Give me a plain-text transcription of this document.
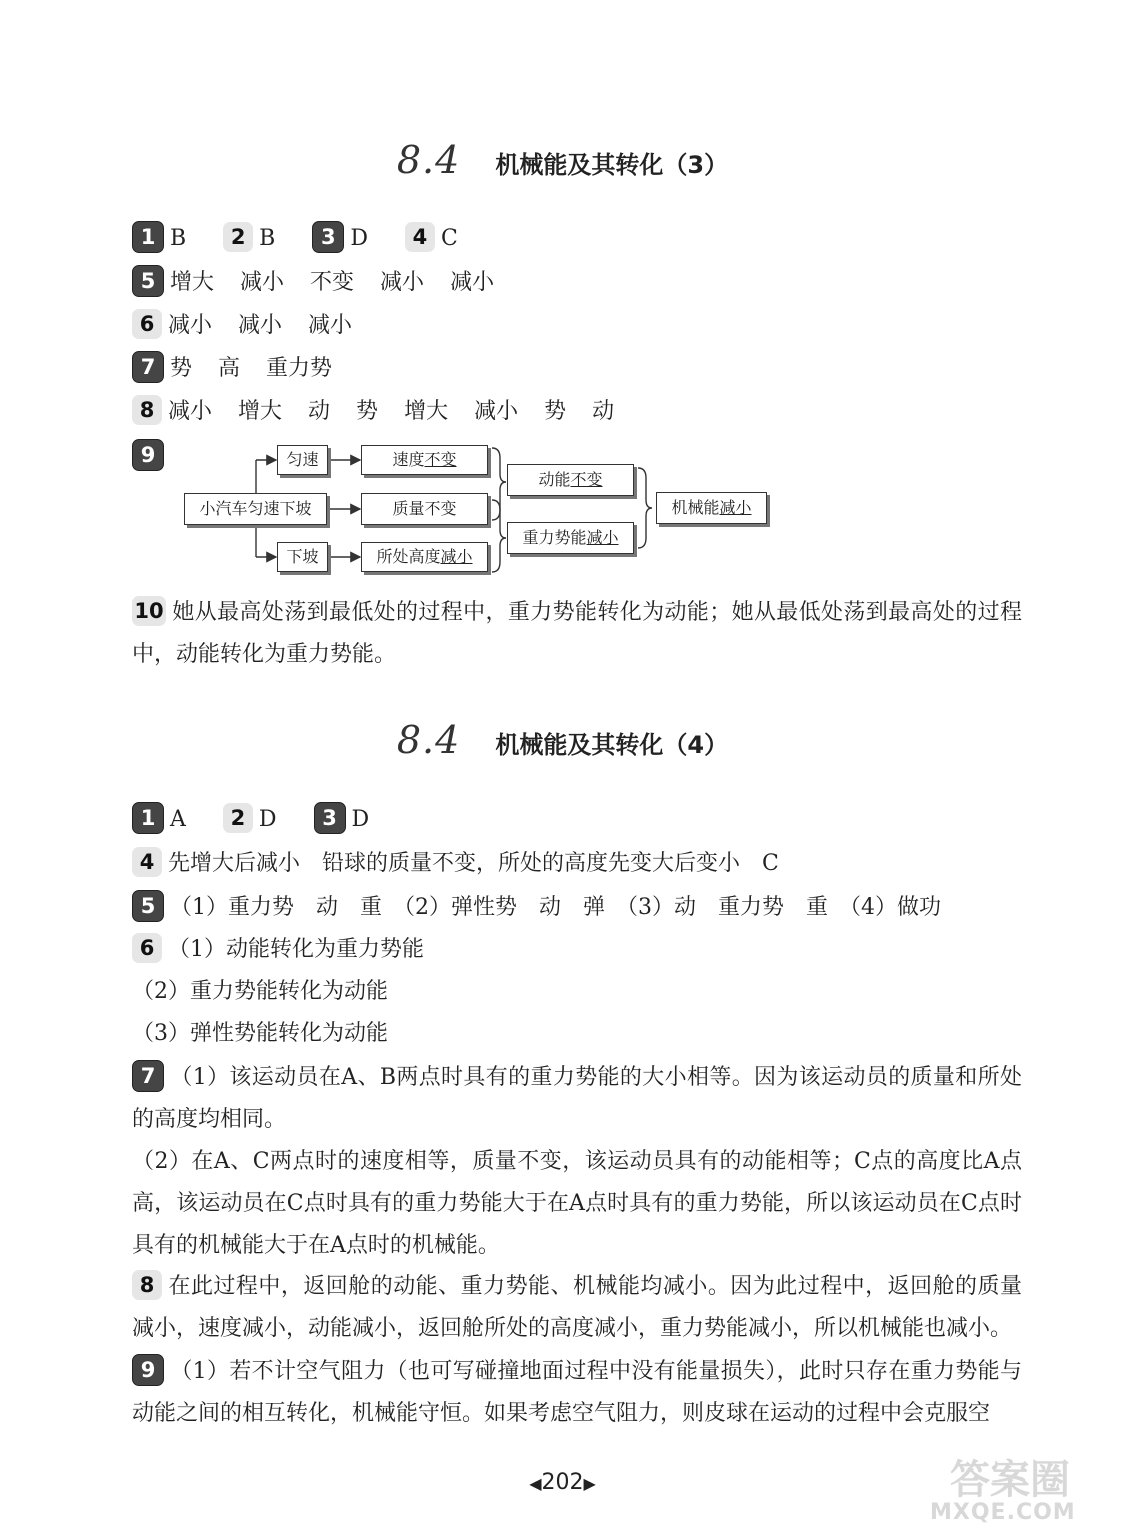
8.4 机械能及其转化（3）
1 B 2 B 3 D 4 C
5 增大 减小 不变 减小 减小
6 减小 减小 减小
7 势 高 重力势
8 减小 增大 动 势 增大 减小 势 动
9
小汽车匀速下坡
匀速
下坡
速度不变
质量不变
所处高度减小
动能不变
重力势能减小
机械能减小
10 她从最高处荡到最低处的过程中，重力势能转化为动能；她从最低处荡到最高处的过程中，动能转化为重力势能。
8.4 机械能及其转化（4）
1 A 2 D 3 D
4 先增大后减小　铅球的质量不变，所处的高度先变大后变小　C
5 （1）重力势　动　重　（2）弹性势　动　弹　（3）动　重力势　重　（4）做功
6 （1）动能转化为重力势能
（2）重力势能转化为动能
（3）弹性势能转化为动能
7 （1）该运动员在A、B两点时具有的重力势能的大小相等。因为该运动员的质量和所处的高度均相同。
（2）在A、C两点时的速度相等，质量不变，该运动员具有的动能相等；C点的高度比A点高，该运动员在C点时具有的重力势能大于在A点时具有的重力势能，所以该运动员在C点时具有的机械能大于在A点时的机械能。
8 在此过程中，返回舱的动能、重力势能、机械能均减小。因为此过程中，返回舱的质量减小，速度减小，动能减小，返回舱所处的高度减小，重力势能减小，所以机械能也减小。
9 （1）若不计空气阻力（也可写碰撞地面过程中没有能量损失），此时只存在重力势能与动能之间的相互转化，机械能守恒。如果考虑空气阻力，则皮球在运动的过程中会克服空
◀202▶	答案圈
MXQE.COM
